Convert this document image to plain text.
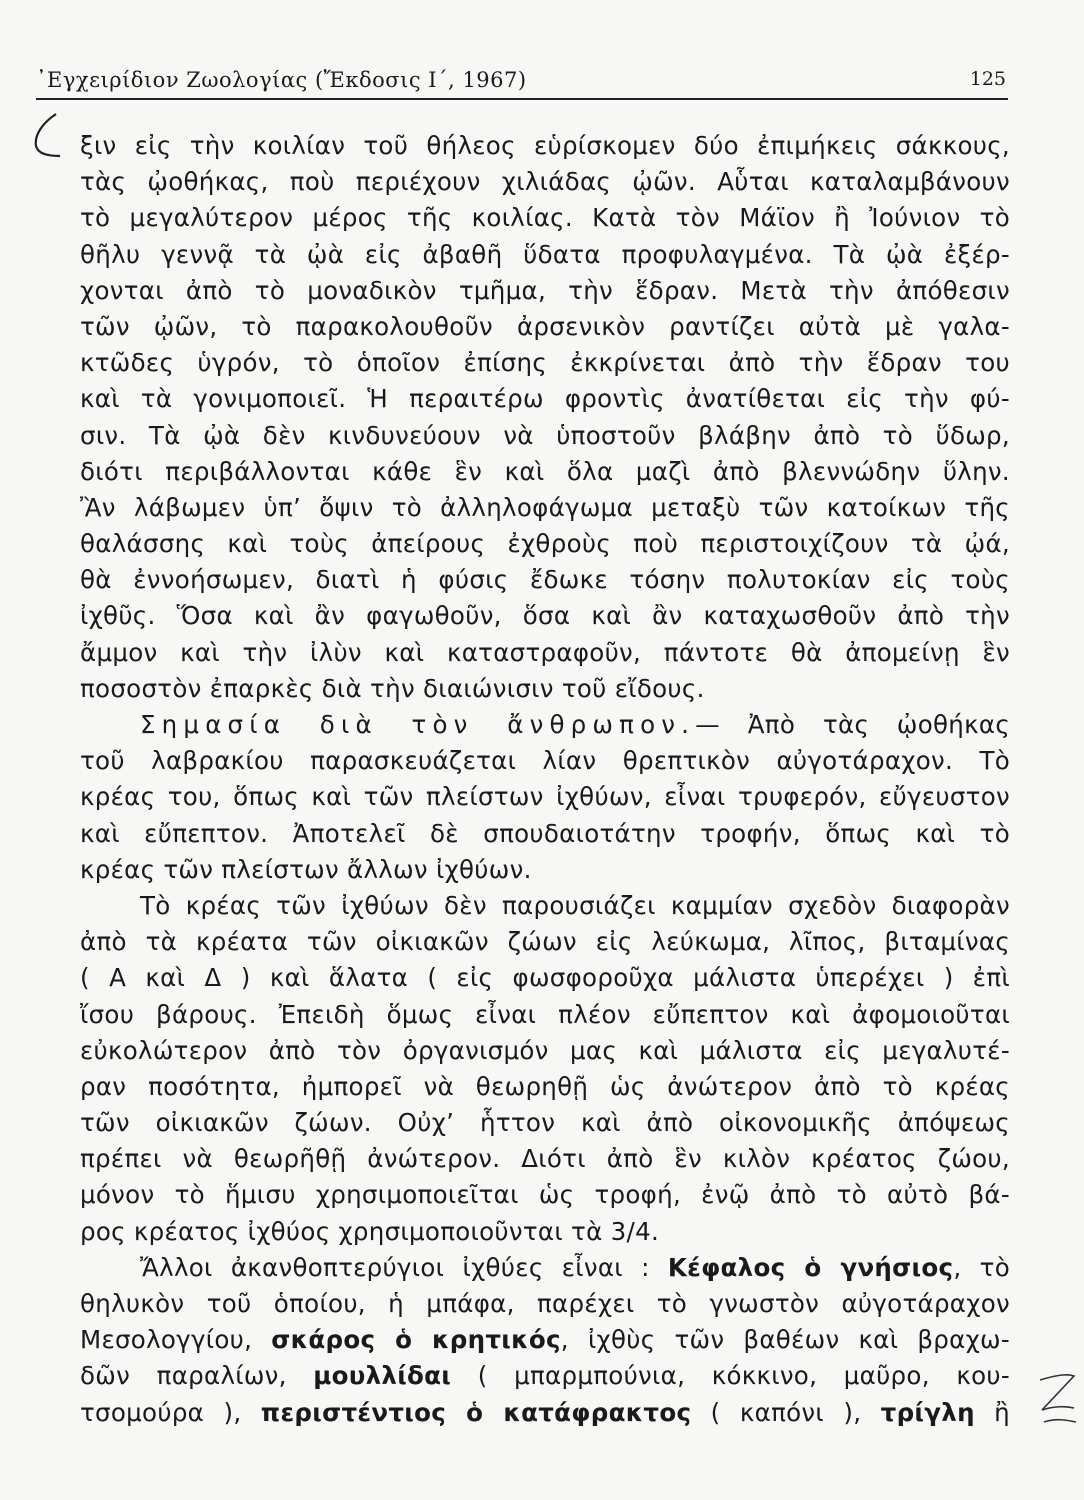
᾿Εγχειρίδιον Ζωολογίας (Ἔκδοσις Ι΄, 1967)	125
ξιν εἰς τὴν κοιλίαν τοῦ θήλεος εὑρίσκομεν δύο ἐπιμήκεις σάκκους,
τὰς ᾠοθήκας, ποὺ περιέχουν χιλιάδας ᾠῶν. Αὗται καταλαμβάνουν
τὸ μεγαλύτερον μέρος τῆς κοιλίας. Κατὰ τὸν Μάϊον ἢ Ἰούνιον τὸ
θῆλυ γεννᾷ τὰ ᾠὰ εἰς ἀβαθῆ ὕδατα προφυλαγμένα. Τὰ ᾠὰ ἐξέρ-
χονται ἀπὸ τὸ μοναδικὸν τμῆμα, τὴν ἕδραν. Μετὰ τὴν ἀπόθεσιν
τῶν ᾠῶν, τὸ παρακολουθοῦν ἀρσενικὸν ραντίζει αὐτὰ μὲ γαλα-
κτῶδες ὑγρόν, τὸ ὁποῖον ἐπίσης ἐκκρίνεται ἀπὸ τὴν ἕδραν του
καὶ τὰ γονιμοποιεῖ. Ἡ περαιτέρω φροντὶς ἀνατίθεται εἰς τὴν φύ-
σιν. Τὰ ᾠὰ δὲν κινδυνεύουν νὰ ὑποστοῦν βλάβην ἀπὸ τὸ ὕδωρ,
διότι περιβάλλονται κάθε ἓν καὶ ὅλα μαζὶ ἀπὸ βλεννώδην ὕλην.
Ἂν λάβωμεν ὑπ’ ὄψιν τὸ ἀλληλοφάγωμα μεταξὺ τῶν κατοίκων τῆς
θαλάσσης καὶ τοὺς ἀπείρους ἐχθροὺς ποὺ περιστοιχίζουν τὰ ᾠά,
θὰ ἐννοήσωμεν, διατὶ ἡ φύσις ἔδωκε τόσην πολυτοκίαν εἰς τοὺς
ἰχθῦς. Ὅσα καὶ ἂν φαγωθοῦν, ὅσα καὶ ἂν καταχωσθοῦν ἀπὸ τὴν
ἄμμον καὶ τὴν ἰλὺν καὶ καταστραφοῦν, πάντοτε θὰ ἀπομείνῃ ἓν
ποσοστὸν ἐπαρκὲς διὰ τὴν διαιώνισιν τοῦ εἴδους.
Σημασία διὰ τὸν ἄνθρωπον.— Ἀπὸ τὰς ᾠοθήκας
τοῦ λαβρακίου παρασκευάζεται λίαν θρεπτικὸν αὐγοτάραχον. Τὸ
κρέας του, ὅπως καὶ τῶν πλείστων ἰχθύων, εἶναι τρυφερόν, εὔγευστον
καὶ εὔπεπτον. Ἀποτελεῖ δὲ σπουδαιοτάτην τροφήν, ὅπως καὶ τὸ
κρέας τῶν πλείστων ἄλλων ἰχθύων.
Τὸ κρέας τῶν ἰχθύων δὲν παρουσιάζει καμμίαν σχεδὸν διαφορὰν
ἀπὸ τὰ κρέατα τῶν οἰκιακῶν ζώων εἰς λεύκωμα, λῖπος, βιταμίνας
( Α καὶ Δ ) καὶ ἅλατα ( εἰς φωσφοροῦχα μάλιστα ὑπερέχει ) ἐπὶ
ἴσου βάρους. Ἐπειδὴ ὅμως εἶναι πλέον εὔπεπτον καὶ ἀφομοιοῦται
εὐκολώτερον ἀπὸ τὸν ὀργανισμόν μας καὶ μάλιστα εἰς μεγαλυτέ-
ραν ποσότητα, ἠμπορεῖ νὰ θεωρηθῇ ὡς ἀνώτερον ἀπὸ τὸ κρέας
τῶν οἰκιακῶν ζώων. Οὐχ’ ἧττον καὶ ἀπὸ οἰκονομικῆς ἀπόψεως
πρέπει νὰ θεωρῆθῇ ἀνώτερον. Διότι ἀπὸ ἓν κιλὸν κρέατος ζώου,
μόνον τὸ ἥμισυ χρησιμοποιεῖται ὡς τροφή, ἐνῷ ἀπὸ τὸ αὐτὸ βά-
ρος κρέατος ἰχθύος χρησιμοποιοῦνται τὰ 3/4.
Ἄλλοι ἀκανθοπτερύγιοι ἰχθύες εἶναι : Κέφαλος ὁ γνήσιος, τὸ
θηλυκὸν τοῦ ὁποίου, ἡ μπάφα, παρέχει τὸ γνωστὸν αὐγοτάραχον
Μεσολογγίου, σκάρος ὁ κρητικός, ἰχθὺς τῶν βαθέων καὶ βραχω-
δῶν παραλίων, μουλλίδαι ( μπαρμπούνια, κόκκινο, μαῦρο, κου-
τσομούρα ), περιστέντιος ὁ κατάφρακτος ( καπόνι ), τρίγλη ἢ
